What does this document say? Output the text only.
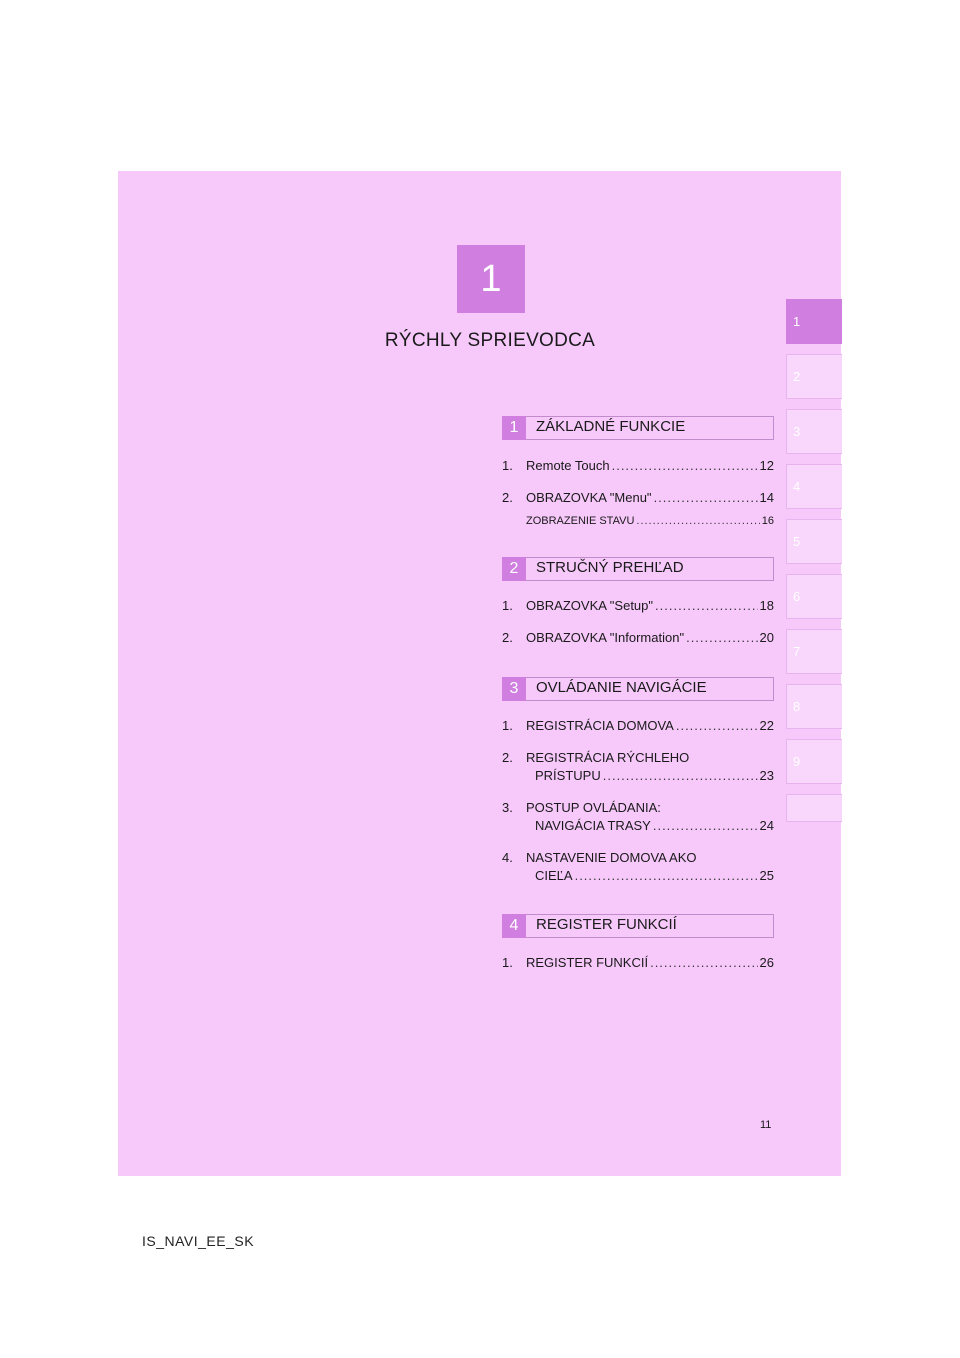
1
RÝCHLY SPRIEVODCA
1
2
3
4
5
6
7
8
9
1	ZÁKLADNÉ FUNKCIE
1. Remote Touch .....	12
2. OBRAZOVKA "Menu" .....	14
ZOBRAZENIE STAVU .....	16
2	STRUČNÝ PREHĽAD
1. OBRAZOVKA "Setup" .....	18
2. OBRAZOVKA "Information" .....	20
3	OVLÁDANIE NAVIGÁCIE
1. REGISTRÁCIA DOMOVA .....	22
2. REGISTRÁCIA RÝCHLEHO
PRÍSTUPU .....	23
3. POSTUP OVLÁDANIA:
NAVIGÁCIA TRASY .....	24
4. NASTAVENIE DOMOVA AKO
CIEĽA .....	25
4	REGISTER FUNKCIÍ
1. REGISTER FUNKCIÍ .....	26
11
IS_NAVI_EE_SK
